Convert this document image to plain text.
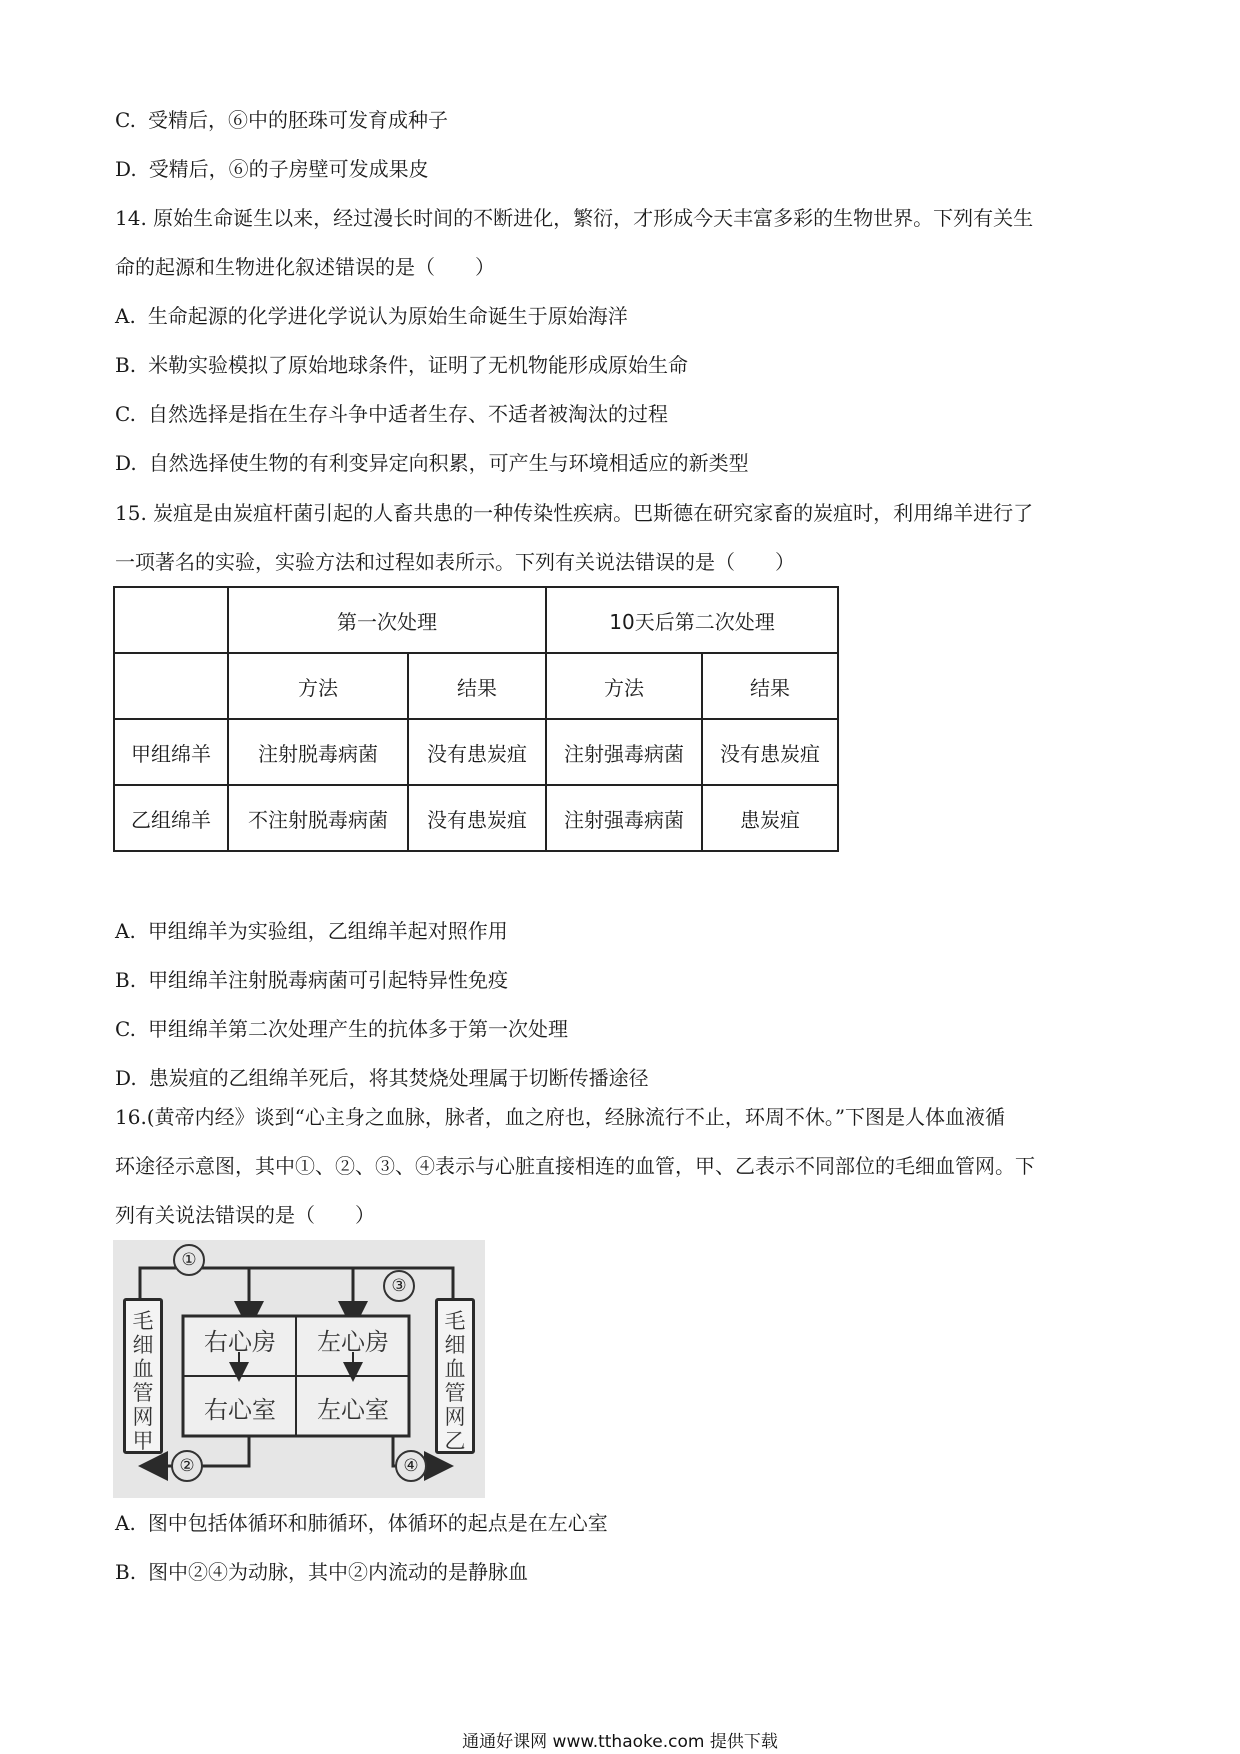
C. 受精后，⑥中的胚珠可发育成种子
D. 受精后，⑥的子房壁可发成果皮
14. 原始生命诞生以来，经过漫长时间的不断进化，繁衍，才形成今天丰富多彩的生物世界。下列有关生
命的起源和生物进化叙述错误的是（　　）
A. 生命起源的化学进化学说认为原始生命诞生于原始海洋
B. 米勒实验模拟了原始地球条件，证明了无机物能形成原始生命
C. 自然选择是指在生存斗争中适者生存、不适者被淘汰的过程
D. 自然选择使生物的有利变异定向积累，可产生与环境相适应的新类型
15. 炭疽是由炭疽杆菌引起的人畜共患的一种传染性疾病。巴斯德在研究家畜的炭疽时，利用绵羊进行了
一项著名的实验，实验方法和过程如表所示。下列有关说法错误的是（　　）
	第一次处理		10天后第二次处理	
	方法	结果	方法	结果
甲组绵羊	注射脱毒病菌	没有患炭疽	注射强毒病菌	没有患炭疽
乙组绵羊	不注射脱毒病菌	没有患炭疽	注射强毒病菌	患炭疽
A. 甲组绵羊为实验组，乙组绵羊起对照作用
B. 甲组绵羊注射脱毒病菌可引起特异性免疫
C. 甲组绵羊第二次处理产生的抗体多于第一次处理
D. 患炭疽的乙组绵羊死后，将其焚烧处理属于切断传播途径
16.(黄帝内经》谈到“心主身之血脉，脉者，血之府也，经脉流行不止，环周不休。”下图是人体血液循
环途径示意图，其中①、②、③、④表示与心脏直接相连的血管，甲、乙表示不同部位的毛细血管网。下
列有关说法错误的是（　　）
毛细血管网甲
毛细血管网乙
右心房	左心房
右心室	左心室
①
③
②	④
A. 图中包括体循环和肺循环，体循环的起点是在左心室
B. 图中②④为动脉，其中②内流动的是静脉血
通通好课网 www.tthaoke.com 提供下载
